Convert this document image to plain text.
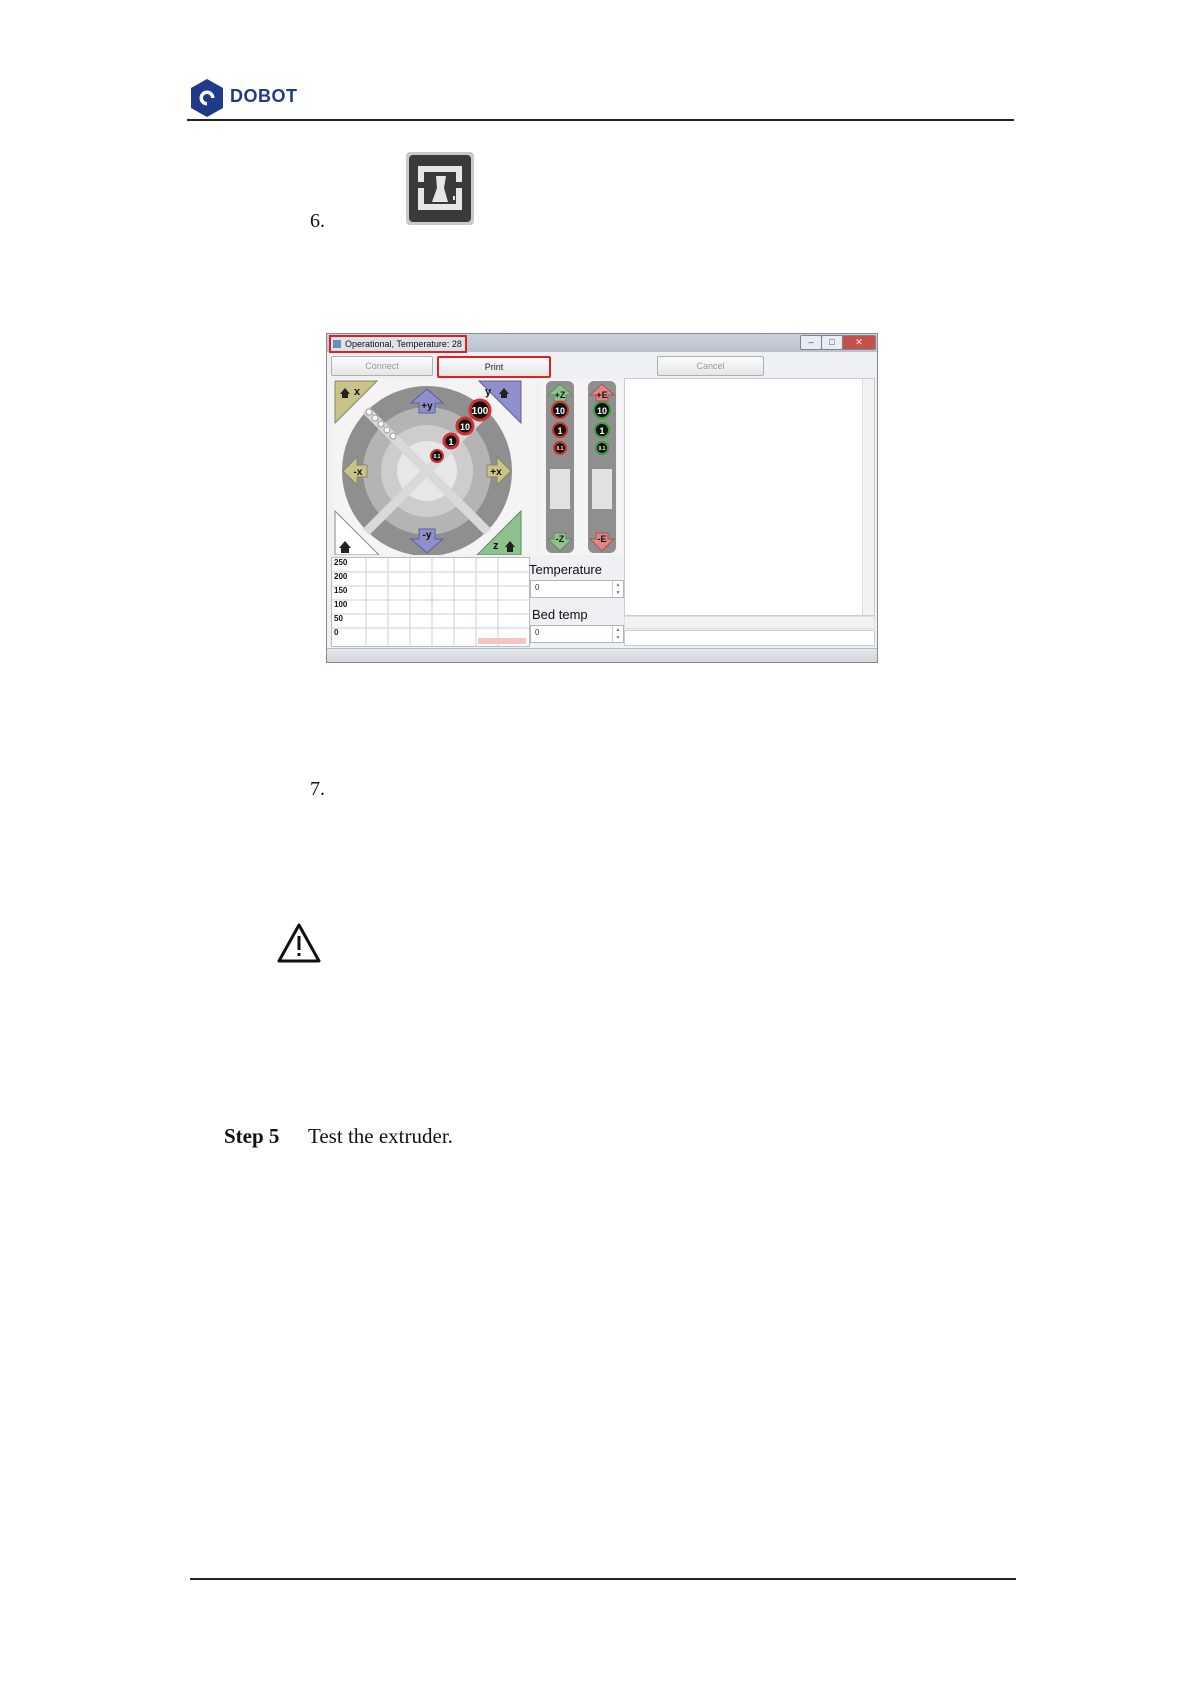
DOBOT
6.
Operational, Temperature: 28	–	□	✕
Connect	Print	Cancel
x	y
z
+y
-y
-x	+x
100
10
1
0.1
+Z
-Z
+E
-E
10
1
0.1
10
1
0.1
250
200
150
100
50
0
Temperature
0	▲
▼
Bed temp
0	▲
▼
7.
Step 5 Test the extruder.
